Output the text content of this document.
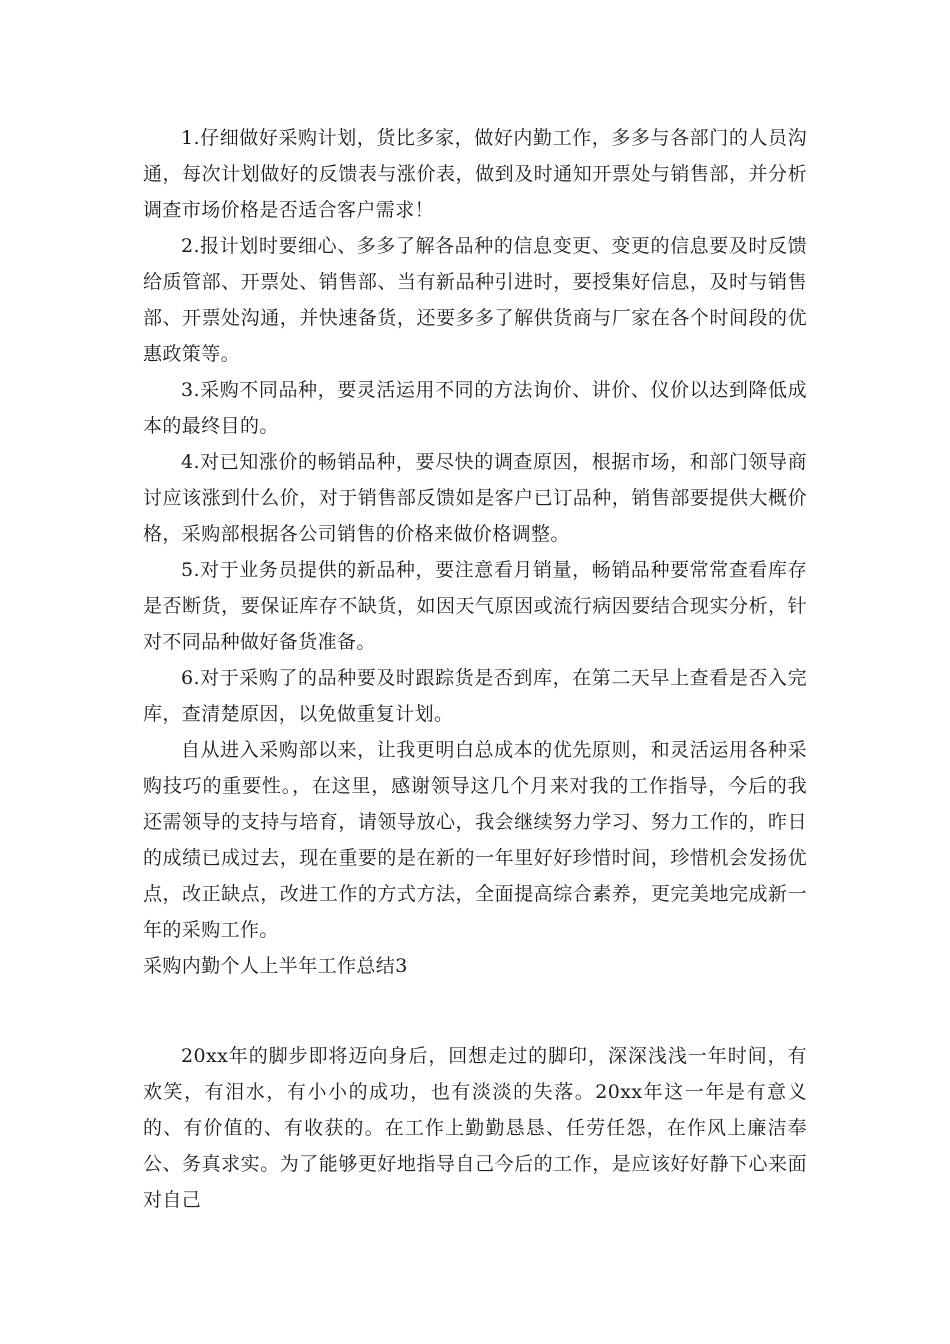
1.仔细做好采购计划，货比多家，做好内勤工作，多多与各部门的人员沟通，每次计划做好的反馈表与涨价表，做到及时通知开票处与销售部，并分析调查市场价格是否适合客户需求！

2.报计划时要细心、多多了解各品种的信息变更、变更的信息要及时反馈给质管部、开票处、销售部、当有新品种引进时，要授集好信息，及时与销售部、开票处沟通，并快速备货，还要多多了解供货商与厂家在各个时间段的优惠政策等。

3.采购不同品种，要灵活运用不同的方法询价、讲价、仪价以达到降低成本的最终目的。

4.对已知涨价的畅销品种，要尽快的调查原因，根据市场，和部门领导商讨应该涨到什么价，对于销售部反馈如是客户已订品种，销售部要提供大概价格，采购部根据各公司销售的价格来做价格调整。

5.对于业务员提供的新品种，要注意看月销量，畅销品种要常常查看库存是否断货，要保证库存不缺货，如因天气原因或流行病因要结合现实分析，针对不同品种做好备货准备。

6.对于采购了的品种要及时跟踪货是否到库，在第二天早上查看是否入完库，查清楚原因，以免做重复计划。

自从进入采购部以来，让我更明白总成本的优先原则，和灵活运用各种采购技巧的重要性。，在这里，感谢领导这几个月来对我的工作指导，今后的我还需领导的支持与培育，请领导放心，我会继续努力学习、努力工作的，昨日的成绩已成过去，现在重要的是在新的一年里好好珍惜时间，珍惜机会发扬优点，改正缺点，改进工作的方式方法，全面提高综合素养，更完美地完成新一年的采购工作。

采购内勤个人上半年工作总结3

20xx年的脚步即将迈向身后，回想走过的脚印，深深浅浅一年时间，有欢笑，有泪水，有小小的成功，也有淡淡的失落。20xx年这一年是有意义的、有价值的、有收获的。在工作上勤勤恳恳、任劳任怨，在作风上廉洁奉公、务真求实。为了能够更好地指导自己今后的工作，是应该好好静下心来面对自己
